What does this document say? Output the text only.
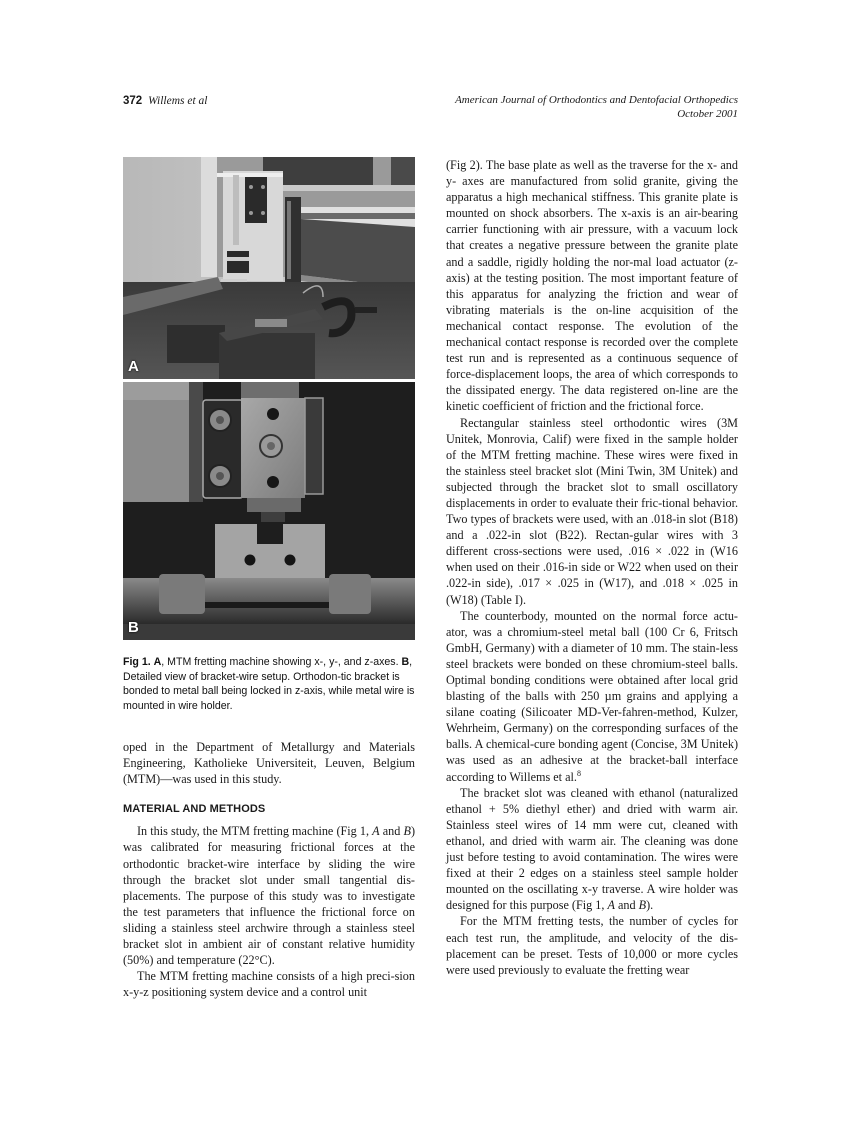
372 Willems et al	American Journal of Orthodontics and Dentofacial Orthopedics
October 2001
A
B
Fig 1. A, MTM fretting machine showing x-, y-, and z-axes. B, Detailed view of bracket-wire setup. Orthodon-tic bracket is bonded to metal ball being locked in z-axis, while metal wire is mounted in wire holder.

oped in the Department of Metallurgy and Materials Engineering, Katholieke Universiteit, Leuven, Belgium (MTM)—was used in this study.

MATERIAL AND METHODS

In this study, the MTM fretting machine (Fig 1, A and B) was calibrated for measuring frictional forces at the orthodontic bracket-wire interface by sliding the wire through the bracket slot under small tangential dis-placements. The purpose of this study was to investigate the test parameters that influence the frictional force on sliding a stainless steel archwire through a stainless steel bracket slot in ambient air of constant relative humidity (50%) and temperature (22°C).

The MTM fretting machine consists of a high preci-sion x-y-z positioning system device and a control unit

(Fig 2). The base plate as well as the traverse for the x- and y- axes are manufactured from solid granite, giving the apparatus a high mechanical stiffness. This granite plate is mounted on shock absorbers. The x-axis is an air-bearing carrier functioning with air pressure, with a vacuum lock that creates a negative pressure between the granite plate and a saddle, rigidly holding the nor-mal load actuator (z-axis) at the testing position. The most important feature of this apparatus for analyzing the friction and wear of vibrating materials is the on-line acquisition of the mechanical contact response. The evolution of the mechanical contact response is recorded over the complete test run and is represented as a continuous sequence of force-displacement loops, the area of which corresponds to the dissipated energy. The data registered on-line are the kinetic coefficient of friction and the frictional force.

Rectangular stainless steel orthodontic wires (3M Unitek, Monrovia, Calif) were fixed in the sample holder of the MTM fretting machine. These wires were fixed in the stainless steel bracket slot (Mini Twin, 3M Unitek) and subjected through the bracket slot to small oscillatory displacements in order to evaluate their fric-tional behavior. Two types of brackets were used, with an .018-in slot (B18) and a .022-in slot (B22). Rectan-gular wires with 3 different cross-sections were used, .016 × .022 in (W16 when used on their .016-in side or W22 when used on their .022-in side), .017 × .025 in (W17), and .018 × .025 in (W18) (Table I).

The counterbody, mounted on the normal force actu-ator, was a chromium-steel metal ball (100 Cr 6, Fritsch GmbH, Germany) with a diameter of 10 mm. The stain-less steel brackets were bonded on these chromium-steel balls. Optimal bonding conditions were obtained after local grid blasting of the balls with 250 µm grains and applying a silane coating (Silicoater MD-Ver-fahren-method, Kulzer, Wehrheim, Germany) on the corresponding surfaces of the balls. A chemical-cure bonding agent (Concise, 3M Unitek) was used as an adhesive at the bracket-ball interface according to Willems et al.$^8$

The bracket slot was cleaned with ethanol (naturalized ethanol + 5% diethyl ether) and dried with warm air. Stainless steel wires of 14 mm were cut, cleaned with ethanol, and dried with warm air. The cleaning was done just before testing to avoid contamination. The wires were fixed at their 2 edges on a stainless steel sample holder mounted on the oscillating x-y traverse. A wire holder was designed for this purpose (Fig 1, A and B).

For the MTM fretting tests, the number of cycles for each test run, the amplitude, and velocity of the dis-placement can be preset. Tests of 10,000 or more cycles were used previously to evaluate the fretting wear
